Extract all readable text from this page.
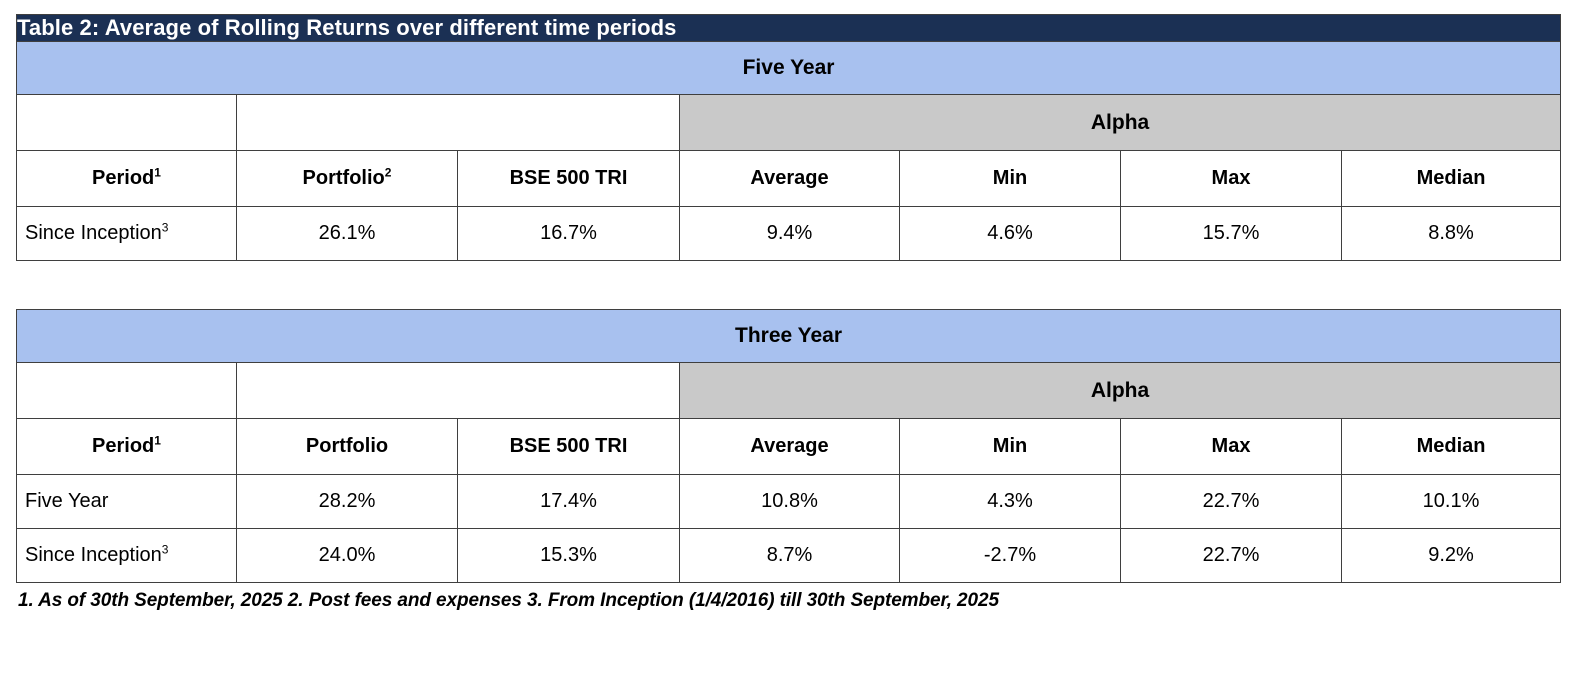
Table 2: Average of Rolling Returns over different time periods						
Five Year						
			Alpha			
Period$^1$	Portfolio$^2$	BSE 500 TRI	Average	Min	Max	Median
Since Inception$^3$	26.1%	16.7%	9.4%	4.6%	15.7%	8.8%
Three Year						
			Alpha			
Period$^1$	Portfolio	BSE 500 TRI	Average	Min	Max	Median
Five Year	28.2%	17.4%	10.8%	4.3%	22.7%	10.1%
Since Inception$^3$	24.0%	15.3%	8.7%	-2.7%	22.7%	9.2%
1. As of 30th September, 2025 2. Post fees and expenses 3. From Inception (1/4/2016) till 30th September, 2025
